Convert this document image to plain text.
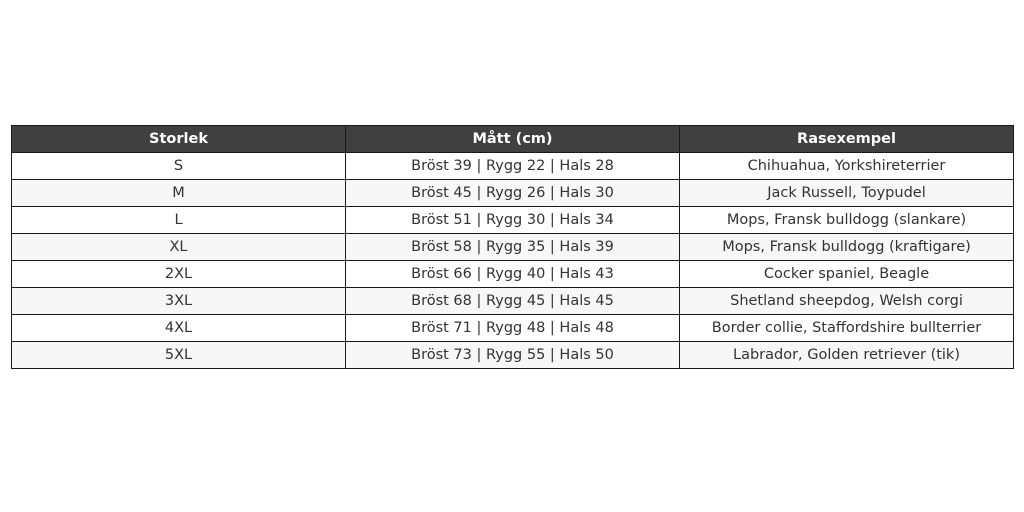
Storlek	Mått (cm)	Rasexempel
S	Bröst 39 | Rygg 22 | Hals 28	Chihuahua, Yorkshireterrier
M	Bröst 45 | Rygg 26 | Hals 30	Jack Russell, Toypudel
L	Bröst 51 | Rygg 30 | Hals 34	Mops, Fransk bulldogg (slankare)
XL	Bröst 58 | Rygg 35 | Hals 39	Mops, Fransk bulldogg (kraftigare)
2XL	Bröst 66 | Rygg 40 | Hals 43	Cocker spaniel, Beagle
3XL	Bröst 68 | Rygg 45 | Hals 45	Shetland sheepdog, Welsh corgi
4XL	Bröst 71 | Rygg 48 | Hals 48	Border collie, Staffordshire bullterrier
5XL	Bröst 73 | Rygg 55 | Hals 50	Labrador, Golden retriever (tik)
